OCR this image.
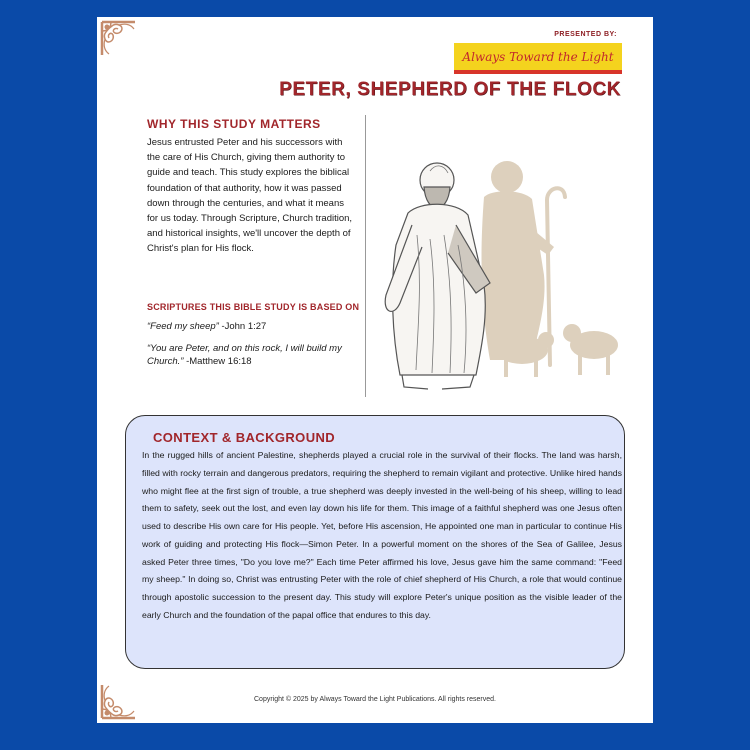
PRESENTED BY:
Always Toward the Light
PETER, SHEPHERD OF THE FLOCK
WHY THIS STUDY MATTERS
Jesus entrusted Peter and his successors with the care of His Church, giving them authority to guide and teach. This study explores the biblical foundation of that authority, how it was passed down through the centuries, and what it means for us today. Through Scripture, Church tradition, and historical insights, we'll uncover the depth of Christ's plan for His flock.
SCRIPTURES THIS BIBLE STUDY IS BASED ON
“Feed my sheep” -John 1:27
“You are Peter, and on this rock, I will build my Church.” -Matthew 16:18
CONTEXT & BACKGROUND
In the rugged hills of ancient Palestine, shepherds played a crucial role in the survival of their flocks. The land was harsh, filled with rocky terrain and dangerous predators, requiring the shepherd to remain vigilant and protective. Unlike hired hands who might flee at the first sign of trouble, a true shepherd was deeply invested in the well-being of his sheep, willing to lead them to safety, seek out the lost, and even lay down his life for them. This image of a faithful shepherd was one Jesus often used to describe His own care for His people. Yet, before His ascension, He appointed one man in particular to continue His work of guiding and protecting His flock—Simon Peter. In a powerful moment on the shores of the Sea of Galilee, Jesus asked Peter three times, "Do you love me?" Each time Peter affirmed his love, Jesus gave him the same command: "Feed my sheep." In doing so, Christ was entrusting Peter with the role of chief shepherd of His Church, a role that would continue through apostolic succession to the present day. This study will explore Peter's unique position as the visible leader of the early Church and the foundation of the papal office that endures to this day.
Copyright © 2025 by Always Toward the Light Publications. All rights reserved.
